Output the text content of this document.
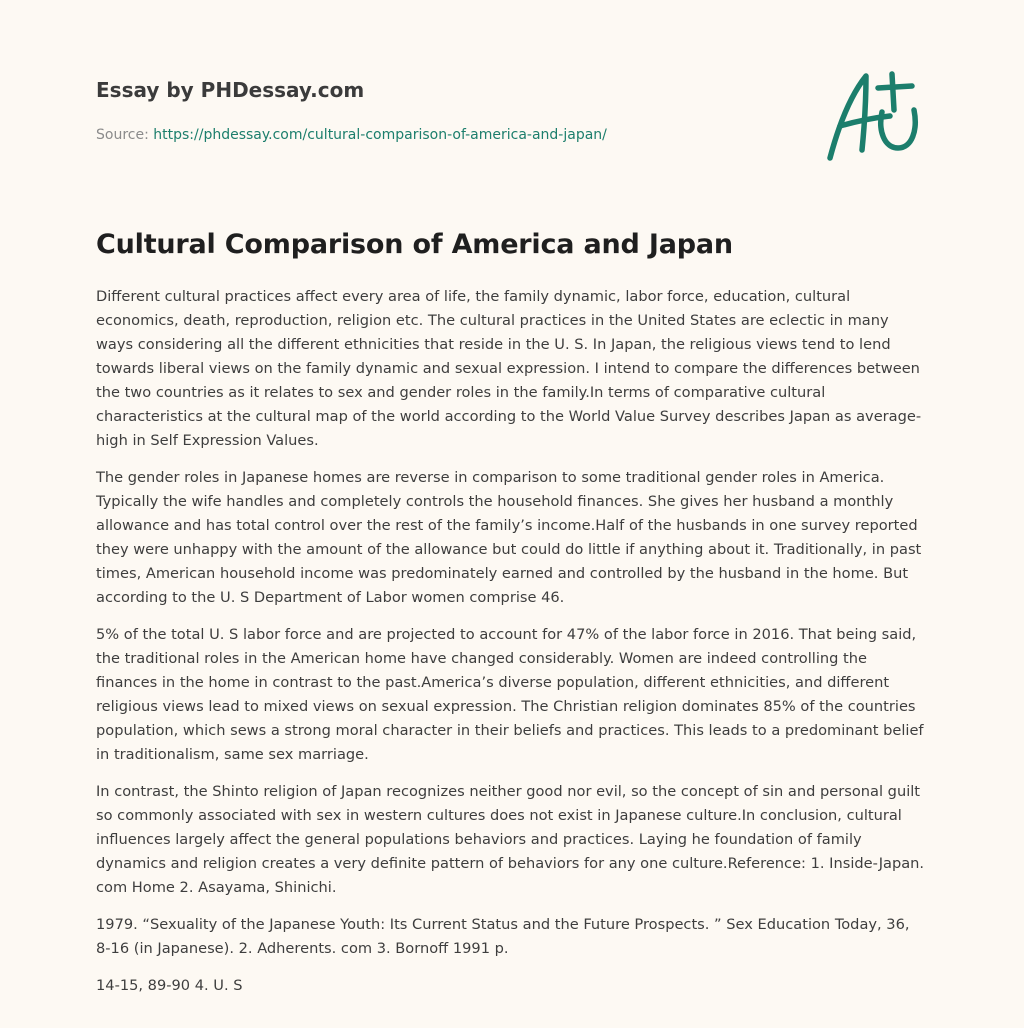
Essay by PHDessay.com
Source: https://phdessay.com/cultural-comparison-of-america-and-japan/
Cultural Comparison of America and Japan

Different cultural practices affect every area of life, the family dynamic, labor force, education, cultural economics, death, reproduction, religion etc. The cultural practices in the United States are eclectic in many ways considering all the different ethnicities that reside in the U. S. In Japan, the religious views tend to lend towards liberal views on the family dynamic and sexual expression. I intend to compare the differences between the two countries as it relates to sex and gender roles in the family.In terms of comparative cultural characteristics at the cultural map of the world according to the World Value Survey describes Japan as average-high in Self Expression Values.

The gender roles in Japanese homes are reverse in comparison to some traditional gender roles in America. Typically the wife handles and completely controls the household finances. She gives her husband a monthly allowance and has total control over the rest of the family’s income.Half of the husbands in one survey reported they were unhappy with the amount of the allowance but could do little if anything about it. Traditionally, in past times, American household income was predominately earned and controlled by the husband in the home. But according to the U. S Department of Labor women comprise 46.

5% of the total U. S labor force and are projected to account for 47% of the labor force in 2016. That being said, the traditional roles in the American home have changed considerably. Women are indeed controlling the finances in the home in contrast to the past.America’s diverse population, different ethnicities, and different religious views lead to mixed views on sexual expression. The Christian religion dominates 85% of the countries population, which sews a strong moral character in their beliefs and practices. This leads to a predominant belief in traditionalism, same sex marriage.

In contrast, the Shinto religion of Japan recognizes neither good nor evil, so the concept of sin and personal guilt so commonly associated with sex in western cultures does not exist in Japanese culture.In conclusion, cultural influences largely affect the general populations behaviors and practices. Laying he foundation of family dynamics and religion creates a very definite pattern of behaviors for any one culture.Reference: 1. Inside-Japan. com Home 2. Asayama, Shinichi.

1979. “Sexuality of the Japanese Youth: Its Current Status and the Future Prospects. ” Sex Education Today, 36, 8-16 (in Japanese). 2. Adherents. com 3. Bornoff 1991 p.

14-15, 89-90 4. U. S
